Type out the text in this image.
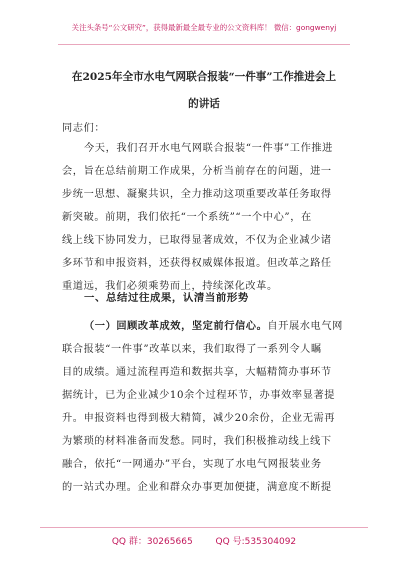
关注头条号“公文研究”，获得最新最全最专业的公文资料库！ 微信：gongwenyj
在2025年全市水电气网联合报装“一件事”工作推进会上
的讲话
同志们：
今天，我们召开水电气网联合报装“一件事”工作推进
会，旨在总结前期工作成果，分析当前存在的问题，进一
步统一思想、凝聚共识，全力推动这项重要改革任务取得
新突破。前期，我们依托“一个系统”“一个中心”，在
线上线下协同发力，已取得显著成效，不仅为企业减少诸
多环节和申报资料，还获得权威媒体报道。但改革之路任
重道远，我们必须乘势而上，持续深化改革。
一、总结过往成果，认清当前形势
（一）回顾改革成效，坚定前行信心。自开展水电气网
联合报装“一件事”改革以来，我们取得了一系列令人瞩
目的成绩。通过流程再造和数据共享，大幅精简办事环节
据统计，已为企业减少10余个过程环节，办事效率显著提
升。申报资料也得到极大精简，减少20余份，企业无需再
为繁琐的材料准备而发愁。同时，我们积极推动线上线下
融合，依托“一网通办”平台，实现了水电气网报装业务
的一站式办理。企业和群众办事更加便捷，满意度不断提
QQ 群：30265665	QQ 号:535304092
